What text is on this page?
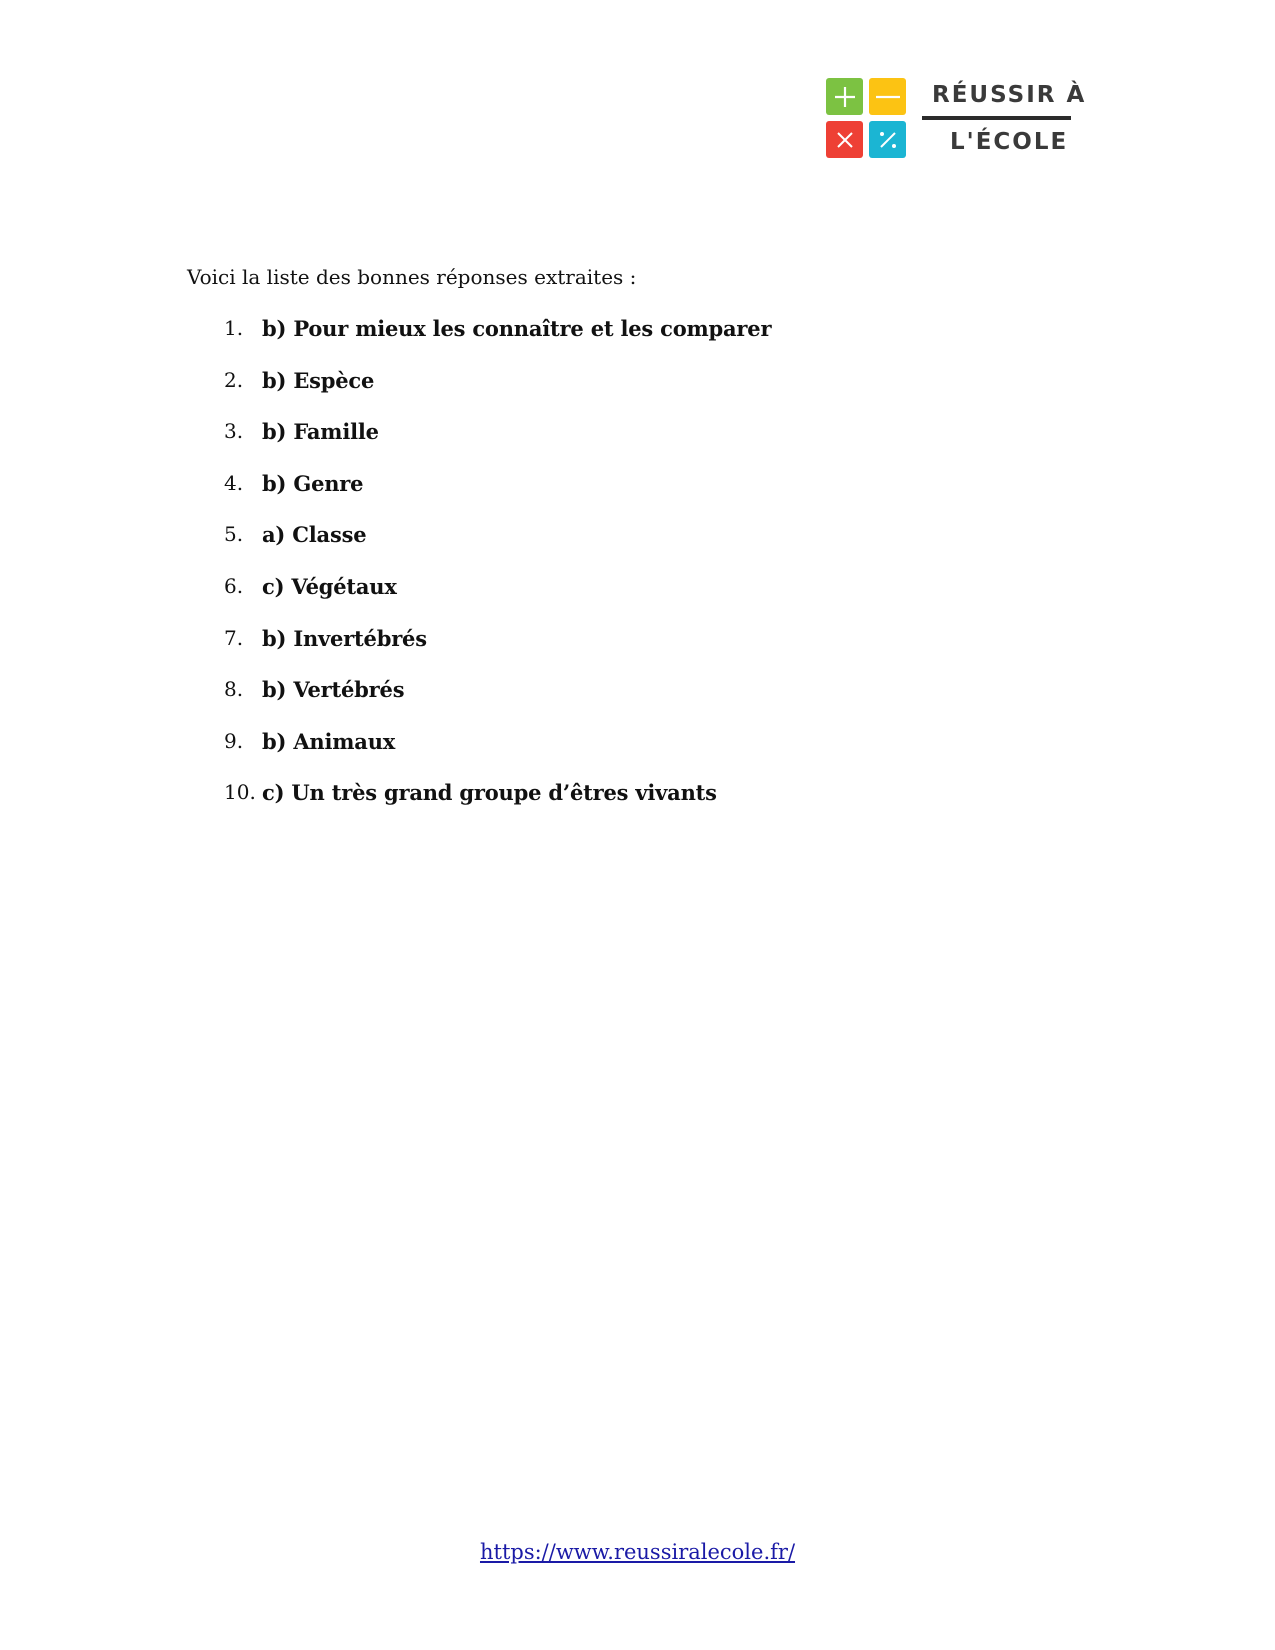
RÉUSSIR À
L'ÉCOLE
Voici la liste des bonnes réponses extraites :
1. b) Pour mieux les connaître et les comparer
2. b) Espèce
3. b) Famille
4. b) Genre
5. a) Classe
6. c) Végétaux
7. b) Invertébrés
8. b) Vertébrés
9. b) Animaux
10. c) Un très grand groupe d’êtres vivants
https://www.reussiralecole.fr/
